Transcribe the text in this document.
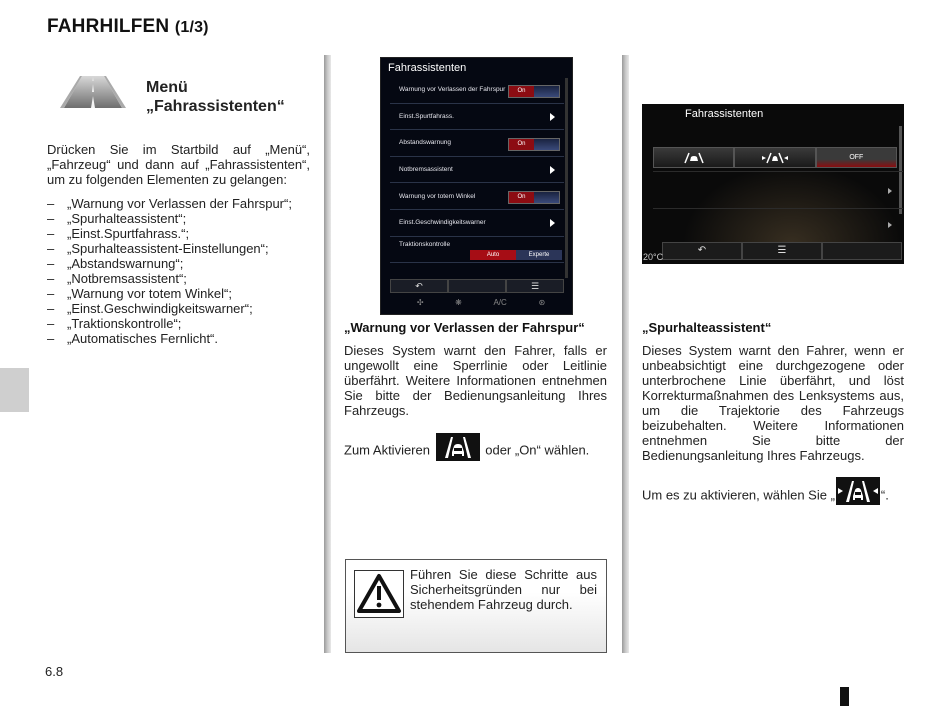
FAHRHILFEN (1/3)
Menü
„Fahrassistenten“
Drücken Sie im Startbild auf „Menü“, „Fahrzeug“ und dann auf „Fahrassistenten“, um zu folgenden Elementen zu gelangen:
– „Warnung vor Verlassen der Fahrspur“;
– „Spurhalteassistent“;
– „Einst.Spurtfahrass.“;
– „Spurhalteassistent-Einstellungen“;
– „Abstandswarnung“;
– „Notbremsassistent“;
– „Warnung vor totem Winkel“;
– „Einst.Geschwindigkeitswarner“;
– „Traktionskontrolle“;
– „Automatisches Fernlicht“.
Fahrassistenten
Warnung vor Verlassen der Fahrspur	On
Einst.Spurtfahrass.
Abstandswarnung	On
Notbremsassistent
Warnung vor totem Winkel	On
Einst.Geschwindigkeitswarner
Traktionskontrolle
Auto	Experte
↶	☰
✣	❋	A/C	⊛
„Warnung vor Verlassen der Fahrspur“
Dieses System warnt den Fahrer, falls er ungewollt eine Sperrlinie oder Leitlinie überfährt. Weitere Informationen entnehmen Sie bitte der Bedienungsanleitung Ihres Fahrzeugs.
Zum Aktivieren	oder „On“ wählen.
Führen Sie diese Schritte aus Sicherheitsgründen nur bei stehendem Fahrzeug durch.
Fahrassistenten
OFF
↶	☰
20°C
„Spurhalteassistent“
Dieses System warnt den Fahrer, wenn er unbeabsichtigt eine durchgezogene oder unterbrochene Linie überfährt, und löst Korrekturmaßnahmen des Lenksystems aus, um die Trajektorie des Fahrzeugs beizubehalten. Weitere Informationen entnehmen Sie bitte der Bedienungsanleitung Ihres Fahrzeugs.
Um es zu aktivieren, wählen Sie „	“.
6.8
